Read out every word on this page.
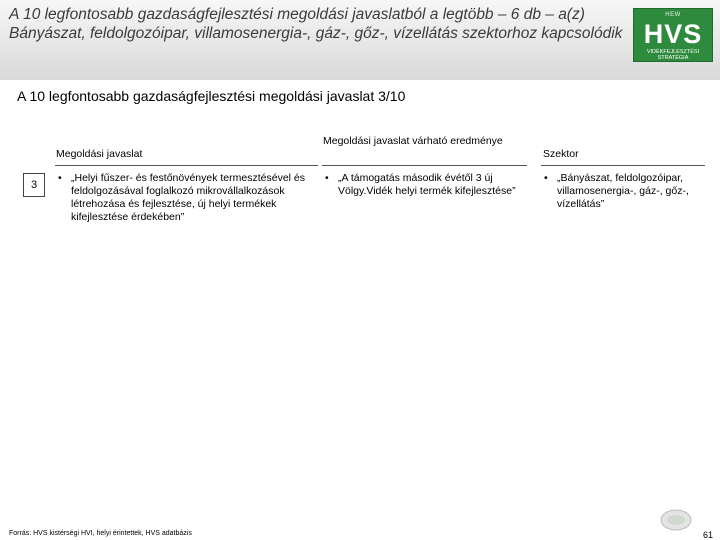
A 10 legfontosabb gazdaságfejlesztési megoldási javaslatból a legtöbb – 6 db – a(z) Bányászat, feldolgozóipar, villamosenergia-, gáz-, gőz-, vízellátás szektorhoz kapcsolódik
HEW
HVS
VIDÉKFEJLESZTÉSI STRATÉGIA
A 10 legfontosabb gazdaságfejlesztési megoldási javaslat 3/10
Megoldási javaslat
Megoldási javaslat várható eredménye
Szektor
3
• „Helyi fűszer- és festőnövények termesztésével és feldolgozásával foglalkozó mikrovállalkozások létrehozása és fejlesztése, új helyi termékek kifejlesztése érdekében”
• „A támogatás második évétől 3 új Völgy.Vidék helyi termék kifejlesztése”
• „Bányászat, feldolgozóipar, villamosenergia-, gáz-, gőz-, vízellátás”
Forrás: HVS kistérségi HVI, helyi érintettek, HVS adatbázis	61
